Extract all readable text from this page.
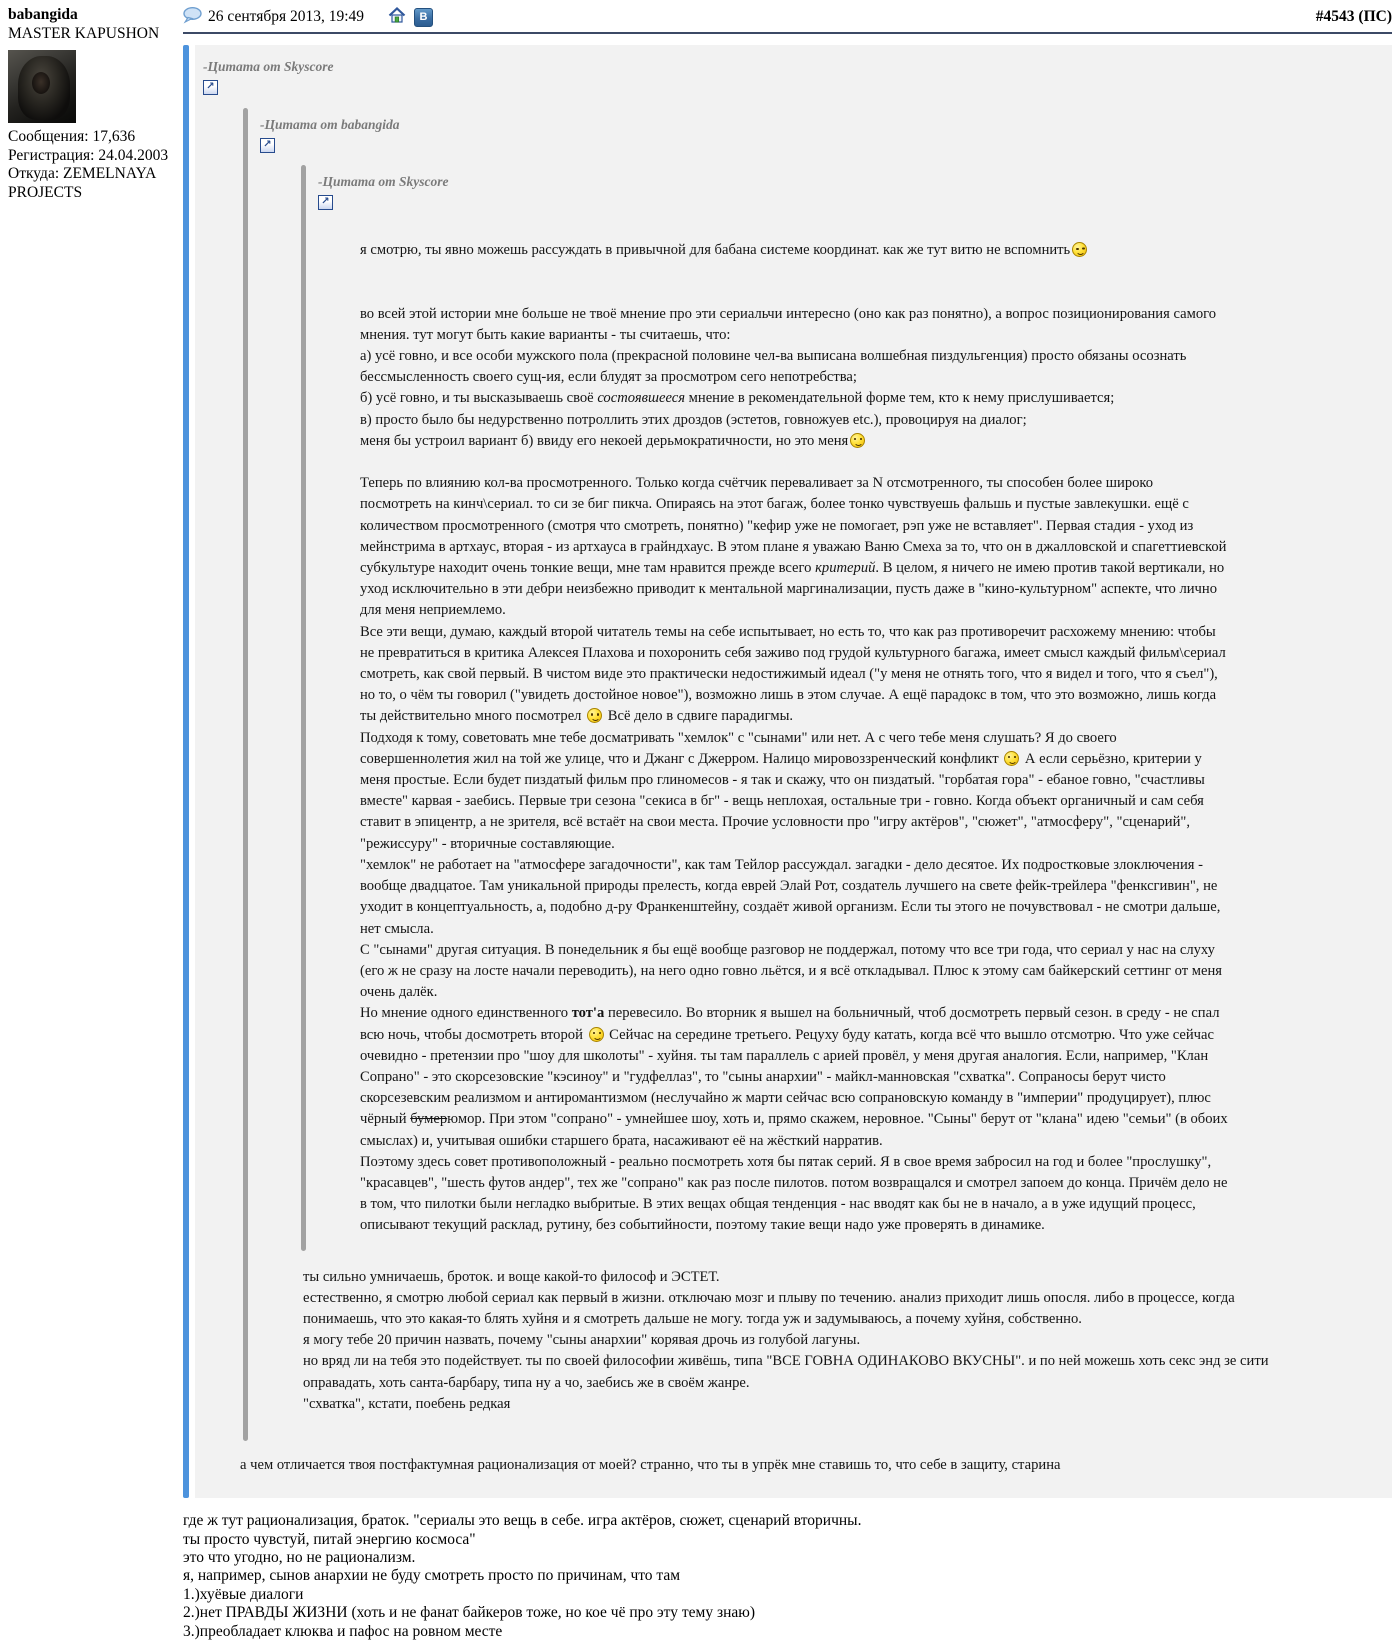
babangida
MASTER KAPUSHON
Сообщения: 17,636
Регистрация: 24.04.2003
Откуда: ZEMELNAYA PROJECTS
26 сентября 2013, 19:49	B	#4543 (ПС)
-Цитата от Skyscore
↗
-Цитата от babangida
↗
-Цитата от Skyscore
↗
я смотрю, ты явно можешь рассуждать в привычной для бабана системе координат. как же тут витю не вспомнить

во всей этой истории мне больше не твоё мнение про эти сериальчи интересно (оно как раз понятно), а вопрос позиционирования самого мнения. тут могут быть какие варианты - ты считаешь, что:
а) усё говно, и все особи мужского пола (прекрасной половине чел-ва выписана волшебная пиздульгенция) просто обязаны осознать бессмысленность своего сущ-ия, если блудят за просмотром сего непотребства;
б) усё говно, и ты высказываешь своё состоявшееся мнение в рекомендательной форме тем, кто к нему прислушивается;
в) просто было бы недурственно потроллить этих дроздов (эстетов, говножуев etc.), провоцируя на диалог;
меня бы устроил вариант б) ввиду его некоей дерьмократичности, но это меня

Теперь по влиянию кол-ва просмотренного. Только когда счётчик переваливает за N отсмотренного, ты способен более широко посмотреть на кинч\сериал. то си зе биг пикча. Опираясь на этот багаж, более тонко чувствуешь фальшь и пустые завлекушки. ещё с количеством просмотренного (смотря что смотреть, понятно) "кефир уже не помогает, рэп уже не вставляет". Первая стадия - уход из мейнстрима в артхаус, вторая - из артхауса в грайндхаус. В этом плане я уважаю Ваню Смеха за то, что он в джалловской и спагеттиевской субкультуре находит очень тонкие вещи, мне там нравится прежде всего критерий. В целом, я ничего не имею против такой вертикали, но уход исключительно в эти дебри неизбежно приводит к ментальной маргинализации, пусть даже в "кино-культурном" аспекте, что лично для меня неприемлемо.
Все эти вещи, думаю, каждый второй читатель темы на себе испытывает, но есть то, что как раз противоречит расхожему мнению: чтобы не превратиться в критика Алексея Плахова и похоронить себя заживо под грудой культурного багажа, имеет смысл каждый фильм\сериал смотреть, как свой первый. В чистом виде это практически недостижимый идеал ("у меня не отнять того, что я видел и того, что я съел"), но то, о чём ты говорил ("увидеть достойное новое"), возможно лишь в этом случае. А ещё парадокс в том, что это возможно, лишь когда ты действительно много посмотрел  Всё дело в сдвиге парадигмы.
Подходя к тому, советовать мне тебе досматривать "хемлок" с "сынами" или нет. А с чего тебе меня слушать? Я до своего совершеннолетия жил на той же улице, что и Джанг с Джерром. Налицо мировоззренческий конфликт  А если серьёзно, критерии у меня простые. Если будет пиздатый фильм про глиномесов - я так и скажу, что он пиздатый. "горбатая гора" - ебаное говно, "счастливы вместе" карвая - заебись. Первые три сезона "секиса в бг" - вещь неплохая, остальные три - говно. Когда объект органичный и сам себя ставит в эпицентр, а не зрителя, всё встаёт на свои места. Прочие условности про "игру актёров", "сюжет", "атмосферу", "сценарий", "режиссуру" - вторичные составляющие.
"хемлок" не работает на "атмосфере загадочности", как там Тейлор рассуждал. загадки - дело десятое. Их подростковые злоключения - вообще двадцатое. Там уникальной природы прелесть, когда еврей Элай Рот, создатель лучшего на свете фейк-трейлера "фенксгивин", не уходит в концептуальность, а, подобно д-ру Франкенштейну, создаёт живой организм. Если ты этого не почувствовал - не смотри дальше, нет смысла.
С "сынами" другая ситуация. В понедельник я бы ещё вообще разговор не поддержал, потому что все три года, что сериал у нас на слуху (его ж не сразу на лосте начали переводить), на него одно говно льётся, и я всё откладывал. Плюс к этому сам байкерский сеттинг от меня очень далёк.
Но мнение одного единственного тот'а перевесило. Во вторник я вышел на больничный, чтоб досмотреть первый сезон. в среду - не спал всю ночь, чтобы досмотреть второй  Сейчас на середине третьего. Рецуху буду катать, когда всё что вышло отсмотрю. Что уже сейчас очевидно - претензии про "шоу для школоты" - хуйня. ты там параллель с арией провёл, у меня другая аналогия. Если, например, "Клан Сопрано" - это скорсезовские "кэсиноу" и "гудфеллаз", то "сыны анархии" - майкл-манновская "схватка". Сопраносы берут чисто скорсезевским реализмом и антиромантизмом (неслучайно ж марти сейчас всю сопрановскую команду в "империи" продуцирует), плюс чёрный бумерюмор. При этом "сопрано" - умнейшее шоу, хоть и, прямо скажем, неровное. "Сыны" берут от "клана" идею "семьи" (в обоих смыслах) и, учитывая ошибки старшего брата, насаживают её на жёсткий нарратив.
Поэтому здесь совет противоположный - реально посмотреть хотя бы пятак серий. Я в свое время забросил на год и более "прослушку", "красавцев", "шесть футов андер", тех же "сопрано" как раз после пилотов. потом возвращался и смотрел запоем до конца. Причём дело не в том, что пилотки были негладко выбритые. В этих вещах общая тенденция - нас вводят как бы не в начало, а в уже идущий процесс, описывают текущий расклад, рутину, без событийности, поэтому такие вещи надо уже проверять в динамике.
ты сильно умничаешь, броток. и воще какой-то философ и ЭСТЕТ.
естественно, я смотрю любой сериал как первый в жизни. отключаю мозг и плыву по течению. анализ приходит лишь опосля. либо в процессе, когда понимаешь, что это какая-то блять хуйня и я смотреть дальше не могу. тогда уж и задумываюсь, а почему хуйня, собственно.
я могу тебе 20 причин назвать, почему "сыны анархии" корявая дрочь из голубой лагуны.
но вряд ли на тебя это подействует. ты по своей философии живёшь, типа "ВСЕ ГОВНА ОДИНАКОВО ВКУСНЫ". и по ней можешь хоть секс энд зе сити оправадать, хоть санта-барбару, типа ну а чо, заебись же в своём жанре.
"схватка", кстати, поебень редкая
а чем отличается твоя постфактумная рационализация от моей? странно, что ты в упрёк мне ставишь то, что себе в защиту, старина
где ж тут рационализация, браток. "сериалы это вещь в себе. игра актёров, сюжет, сценарий вторичны.
ты просто чувстуй, питай энергию космоса"
это что угодно, но не рационализм.
я, например, сынов анархии не буду смотреть просто по причинам, что там
1.)хуёвые диалоги
2.)нет ПРАВДЫ ЖИЗНИ (хоть и не фанат байкеров тоже, но кое чё про эту тему знаю)
3.)преобладает клюква и пафос на ровном месте
